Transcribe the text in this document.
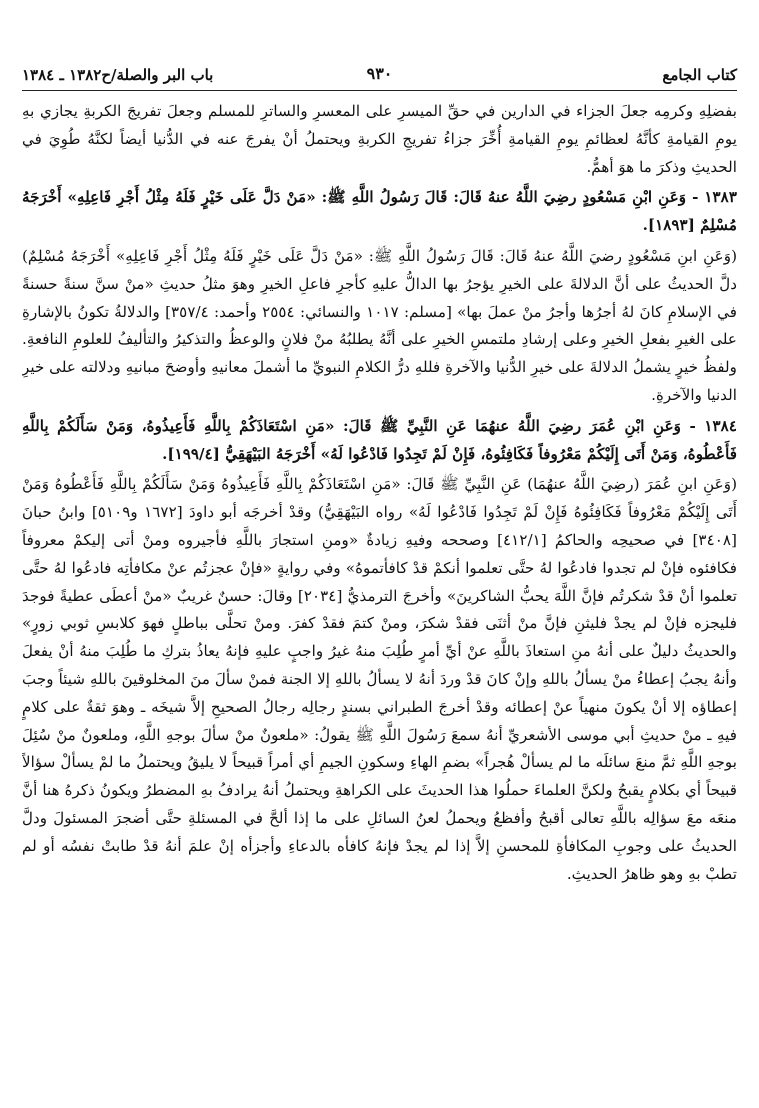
كتاب الجامع
٩٣٠
باب البر والصلة/ح١٣٨٢ ـ ١٣٨٤

بفضلِهِ وكرمِه جعلَ الجزاء في الدارين في حقِّ الميسرِ على المعسرِ والساترِ للمسلم وجعلَ تفريجَ الكربةِ يجازي بهِ يومِ القيامةِ كأنَّهُ لعظائمِ يومِ القيامةِ أُخِّرَ جزاءُ تفريجِ الكربةِ ويحتملُ أنْ يفرجَ عنه في الدُّنيا أيضاً لكنَّهُ طُوِيَ في الحديثِ وذكرَ ما هوَ أهمُّ.

١٣٨٣ - وَعَنِ ابْنِ مَسْعُودٍ رضِيَ اللَّهُ عنهُ قَالَ: قَالَ رَسُولُ اللَّهِ ﷺ: «مَنْ دَلَّ عَلَى خَيْرٍ فَلَهُ مِثْلُ أَجْرِ فَاعِلِهِ» أَخْرَجَهُ مُسْلِمٌ [١٨٩٣].

(وَعَنِ ابنِ مَسْعُودٍ رضيَ اللَّهُ عنهُ قَالَ: قَالَ رَسُولُ اللَّهِ ﷺ: «مَنْ دَلَّ عَلَى خَيْرٍ فَلَهُ مِثْلُ أَجْرِ فَاعِلِهِ» أَخْرَجَهُ مُسْلِمٌ) دلَّ الحديثُ على أنَّ الدلالةَ على الخيرِ يؤجرُ بها الدالُّ عليهِ كأجرِ فاعلِ الخيرِ وهوَ مثلُ حديثِ «منْ سنَّ سنةً حسنةً في الإسلامِ كانَ لهُ أجرُها وأجرُ منْ عملَ بها» [مسلم: ١٠١٧ والنسائي: ٢٥٥٤ وأحمد: ٣٥٧/٤] والدلالةُ تكونُ بالإشارةِ على الغيرِ بفعلِ الخيرِ وعلى إرشادِ ملتمسِ الخيرِ على أنَّهُ يطلبُهُ منْ فلانٍ والوعظُ والتذكيرُ والتأليفُ للعلومِ النافعةِ. ولفظُ خيرٍ يشملُ الدلالةَ على خيرِ الدُّنيا والآخرةِ فللهِ درُّ الكلامِ النبويِّ ما أشملَ معانيهِ وأوضحَ مبانيهِ ودلالته على خيرِ الدنيا والآخرةِ.

١٣٨٤ - وَعَنِ ابْنِ عُمَرَ رضِيَ اللَّهُ عنهُمَا عَنِ النَّبِيِّ ﷺ قَالَ: «مَنِ اسْتَعَاذَكُمْ بِاللَّهِ فَأَعِيذُوهُ، وَمَنْ سَأَلَكُمْ بِاللَّهِ فَأَعْطُوهُ، وَمَنْ أَتَى إِلَيْكُمْ مَعْرُوفاً فَكَافِئُوهُ، فَإِنْ لَمْ تَجِدُوا فَادْعُوا لَهُ» أَخْرَجَهُ البَيْهَقِيُّ [١٩٩/٤].

(وَعَنِ ابنِ عُمَرَ (رضِيَ اللَّهُ عنهُمَا) عَنِ النَّبِيِّ ﷺ قَالَ: «مَنِ اسْتَعَاذَكُمْ بِاللَّهِ فَأَعِيذُوهُ وَمَنْ سَأَلَكُمْ بِاللَّهِ فَأَعْطُوهُ وَمَنْ أَتَى إِلَيْكُمْ مَعْرُوفاً فَكَافِئُوهُ فَإِنْ لَمْ تَجِدُوا فَادْعُوا لَهُ» رواه البَيْهَقِيُّ) وقدْ أخرجَه أبو داودَ [١٦٧٢ و٥١٠٩] وابنُ حبانَ [٣٤٠٨] في صحيحِه والحاكمُ [٤١٢/١] وصححه وفيهِ زيادةٌ «ومنِ استجارَ باللَّهِ فأجيروه ومنْ أتى إليكمْ معروفاً فكافئوه فإنْ لم تجدوا فادعُوا لهُ حتَّى تعلموا أنكمْ قدْ كافأتموهُ» وفي روايةٍ «فإنْ عجزتُم عنْ مكافأتِه فادعُوا لهُ حتَّى تعلموا أنْ قدْ شكرتُم فإنَّ اللَّهَ يحبُّ الشاكرينَ» وأخرجَ الترمذيُّ [٢٠٣٤] وقالَ: حسنٌ غريبٌ «منْ أعطَى عطيةً فوجدَ فليجزه فإنْ لم يجدْ فليثنِ فإنَّ منْ أثنَى فقدْ شكرَ، ومنْ كتمَ فقدْ كفرَ. ومنْ تحلَّى بباطلٍ فهوَ كلابسِ ثوبي زورٍ» والحديثُ دليلٌ على أنهُ منِ استعاذَ باللَّهِ عنْ أيِّ أمرٍ طُلِبَ منهُ غيرُ واجبٍ عليهِ فإنهُ يعاذُ بتركِ ما طُلِبَ منهُ أنْ يفعلَ وأنهُ يجبُ إعطاءُ منْ يسألُ باللهِ وإنْ كانَ قدْ وردَ أنهُ لا يسألُ باللهِ إلا الجنة فمنْ سألَ منَ المخلوقينَ باللهِ شيئاً وجبَ إعطاؤه إلا أنْ يكونَ منهياً عنْ إعطائه وقدْ أخرجَ الطبراني بسندٍ رجالِه رجالُ الصحيحِ إلاَّ شيخَه ـ وهوَ ثقةٌ على كلامٍ فيهِ ـ منْ حديثِ أبي موسى الأشعريِّ أنهُ سمعَ رَسُولَ اللَّهِ ﷺ يقولُ: «ملعونٌ منْ سألَ بوجهِ اللَّهِ، وملعونٌ منْ سُئِلَ بوجهِ اللَّهِ ثمَّ منعَ سائلَه ما لم يسألْ هُجراً» بضمِ الهاءِ وسكونِ الجيمِ أي أمراً قبيحاً لا يليقُ ويحتملُ ما لمْ يسألْ سؤالاً قبيحاً أي بكلامٍ يقبحُ ولكنَّ العلماءَ حملُوا هذا الحديثَ على الكراهةِ ويحتملُ أنهُ يرادفُ بهِ المضطرُ ويكونُ ذكرهُ هنا أنَّ منعَه معَ سؤالِه باللَّهِ تعالى أقبحُ وأفظعُ ويحملُ لعنُ السائلِ على ما إذا ألحَّ في المسئلةِ حتَّى أضجرَ المسئولَ ودلَّ الحديثُ على وجوبِ المكافأةِ للمحسنِ إلاَّ إذا لم يجدْ فإنهُ كافأه بالدعاءِ وأجزأه إنْ علمَ أنهُ قدْ طابتْ نفسُه أو لم تطبْ بهِ وهو ظاهرُ الحديثِ.
